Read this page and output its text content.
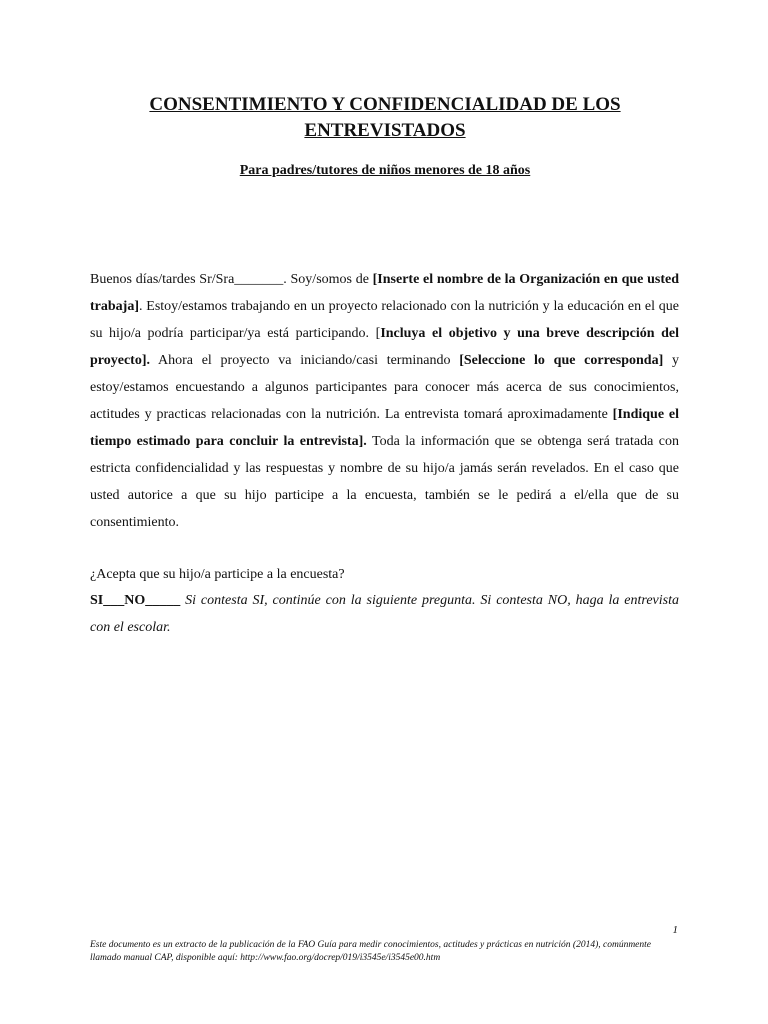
CONSENTIMIENTO Y CONFIDENCIALIDAD DE LOS ENTREVISTADOS
Para padres/tutores de niños menores de 18 años

Buenos días/tardes Sr/Sra_______. Soy/somos de [Inserte el nombre de la Organización en que usted trabaja]. Estoy/estamos trabajando en un proyecto relacionado con la nutrición y la educación en el que su hijo/a podría participar/ya está participando. [Incluya el objetivo y una breve descripción del proyecto]. Ahora el proyecto va iniciando/casi terminando [Seleccione lo que corresponda] y estoy/estamos encuestando a algunos participantes para conocer más acerca de sus conocimientos, actitudes y practicas relacionadas con la nutrición. La entrevista tomará aproximadamente [Indique el tiempo estimado para concluir la entrevista]. Toda la información que se obtenga será tratada con estricta confidencialidad y las respuestas y nombre de su hijo/a jamás serán revelados. En el caso que usted autorice a que su hijo participe a la encuesta, también se le pedirá a el/ella que de su consentimiento.

¿Acepta que su hijo/a participe a la encuesta?

SI___NO_____ Si contesta SI, continúe con la siguiente pregunta. Si contesta NO, haga la entrevista con el escolar.

1

Este documento es un extracto de la publicación de la FAO Guía para medir conocimientos, actitudes y prácticas en nutrición (2014), comúnmente llamado manual CAP, disponible aquí: http://www.fao.org/docrep/019/i3545e/i3545e00.htm
